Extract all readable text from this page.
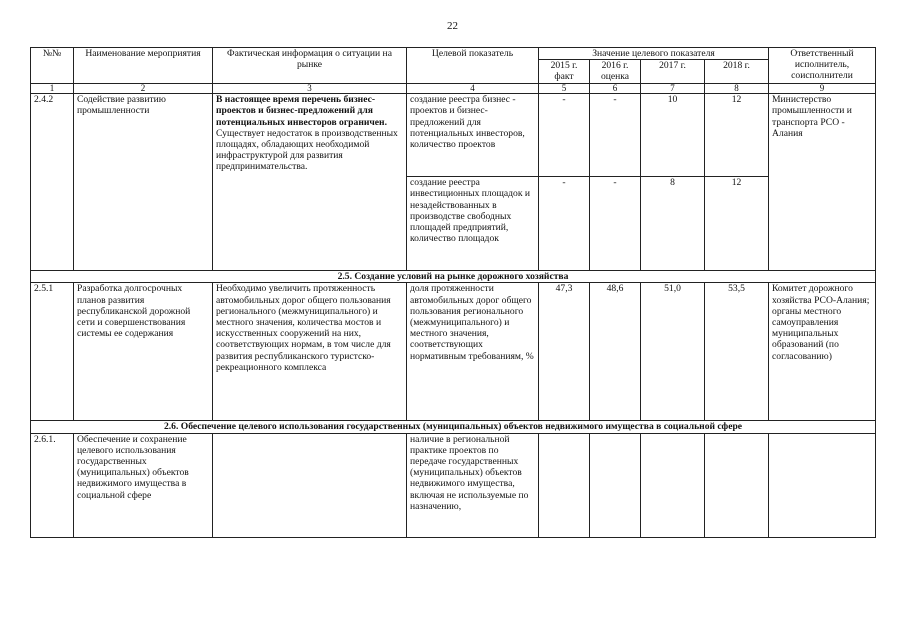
22
№№	Наименование мероприятия	Фактическая информация о ситуации на рынке	Целевой показатель	Значение целевого показателя				Ответственный исполнитель, соисполнители
				2015 г. факт	2016 г. оценка	2017 г.	2018 г.	
1	2	3	4	5	6	7	8	9
2.4.2	Содействие развитию промышленности	В настоящее время перечень бизнес-проектов и бизнес-предложений для потенциальных инвесторов ограничен.
Существует недостаток в производственных площадях, обладающих необходимой инфраструктурой для развития предпринимательства.	создание реестра бизнес - проектов и бизнес-предложений для потенциальных инвесторов, количество проектов	-	-	10	12	Министерство промышленности и транспорта РСО - Алания
			создание реестра инвестиционных площадок и незадействованных в производстве свободных площадей предприятий, количество площадок	-	-	8	12	
2.5. Создание условий на рынке дорожного хозяйства								
2.5.1	Разработка долгосрочных планов развития республиканской дорожной сети и совершенствования системы ее содержания	Необходимо увеличить протяженность автомобильных дорог общего пользования регионального (межмуниципального) и местного значения, количества мостов и искусственных сооружений на них, соответствующих нормам, в том числе для развития республиканского туристско-рекреационного комплекса	доля протяженности автомобильных дорог общего пользования регионального (межмуниципального) и местного значения, соответствующих нормативным требованиям, %	47,3	48,6	51,0	53,5	Комитет дорожного хозяйства РСО-Алания; органы местного самоуправления муниципальных образований (по согласованию)
2.6. Обеспечение целевого использования государственных (муниципальных) объектов недвижимого имущества в социальной сфере								
2.6.1.	Обеспечение и сохранение целевого использования государственных (муниципальных) объектов недвижимого имущества в социальной сфере		наличие в региональной практике проектов по передаче государственных (муниципальных) объектов недвижимого имущества, включая не используемые по назначению,					
